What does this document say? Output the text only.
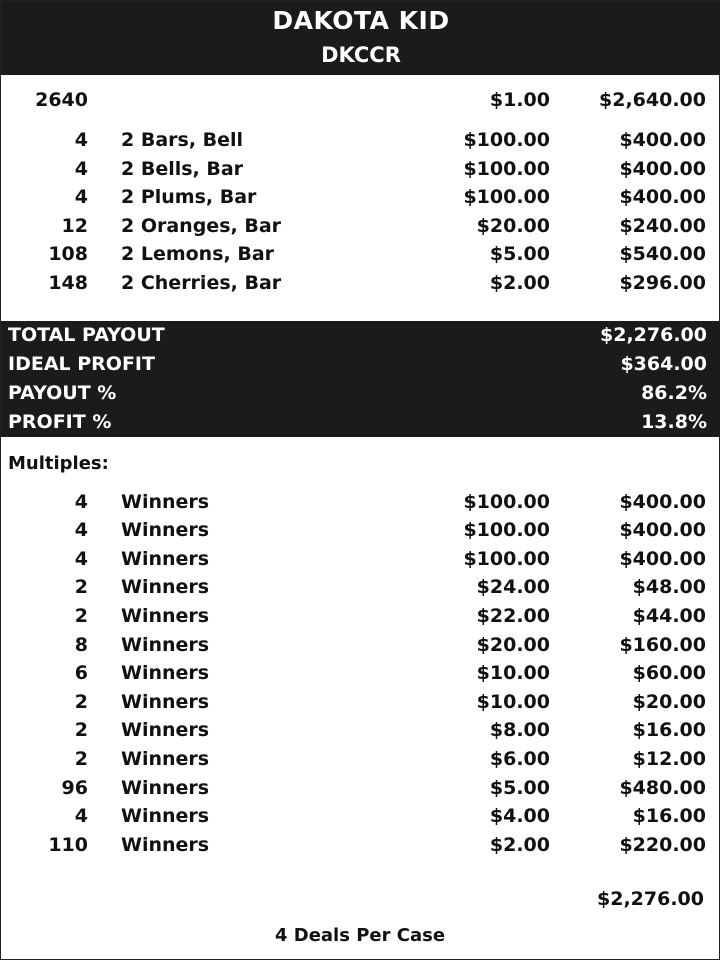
DAKOTA KID
DKCCR
2640	$1.00	$2,640.00
4 2 Bars, Bell	$100.00	$400.00
4 2 Bells, Bar	$100.00	$400.00
4 2 Plums, Bar	$100.00	$400.00
12 2 Oranges, Bar	$20.00	$240.00
108 2 Lemons, Bar	$5.00	$540.00
148 2 Cherries, Bar	$2.00	$296.00
TOTAL PAYOUT	$2,276.00
IDEAL PROFIT	$364.00
PAYOUT %	86.2%
PROFIT %	13.8%
Multiples:
4 Winners	$100.00	$400.00
4 Winners	$100.00	$400.00
4 Winners	$100.00	$400.00
2 Winners	$24.00	$48.00
2 Winners	$22.00	$44.00
8 Winners	$20.00	$160.00
6 Winners	$10.00	$60.00
2 Winners	$10.00	$20.00
2 Winners	$8.00	$16.00
2 Winners	$6.00	$12.00
96 Winners	$5.00	$480.00
4 Winners	$4.00	$16.00
110 Winners	$2.00	$220.00
$2,276.00
4 Deals Per Case
